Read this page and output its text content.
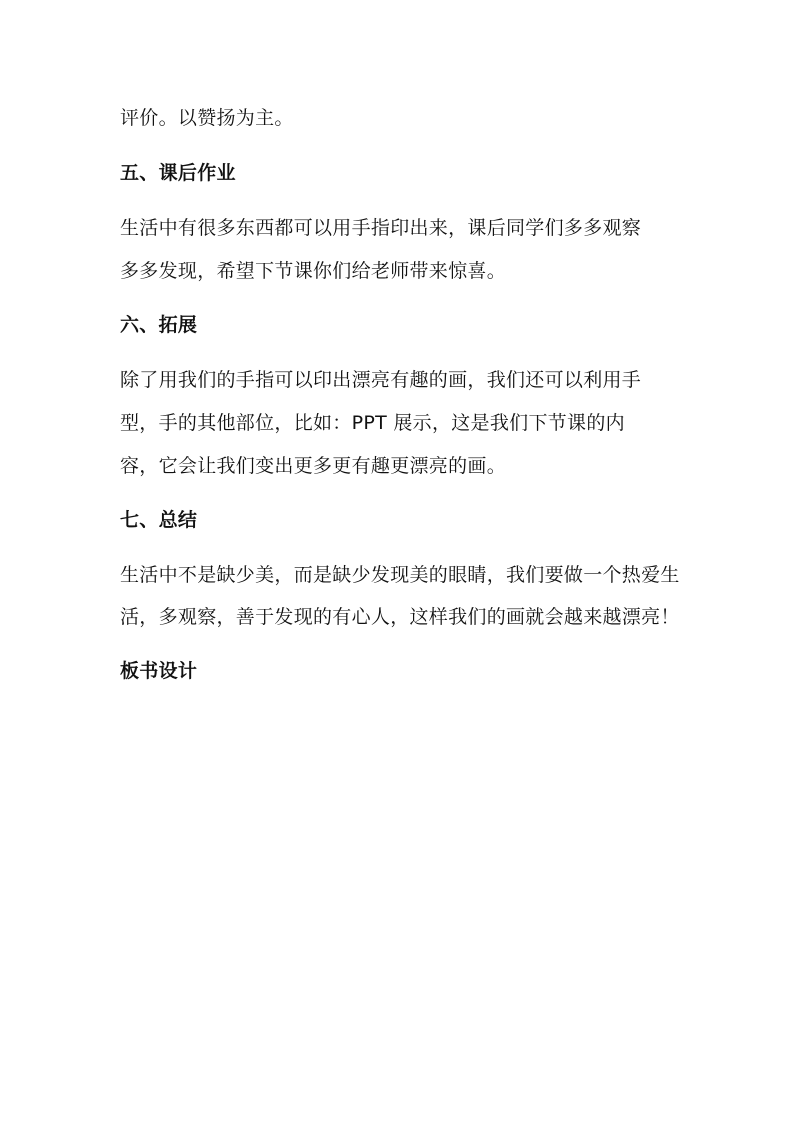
评价。以赞扬为主。
五、课后作业
生活中有很多东西都可以用手指印出来，课后同学们多多观察
多多发现，希望下节课你们给老师带来惊喜。
六、拓展
除了用我们的手指可以印出漂亮有趣的画，我们还可以利用手
型，手的其他部位，比如：PPT 展示，这是我们下节课的内
容，它会让我们变出更多更有趣更漂亮的画。
七、总结
生活中不是缺少美，而是缺少发现美的眼睛，我们要做一个热爱生
活，多观察，善于发现的有心人，这样我们的画就会越来越漂亮！
板书设计
